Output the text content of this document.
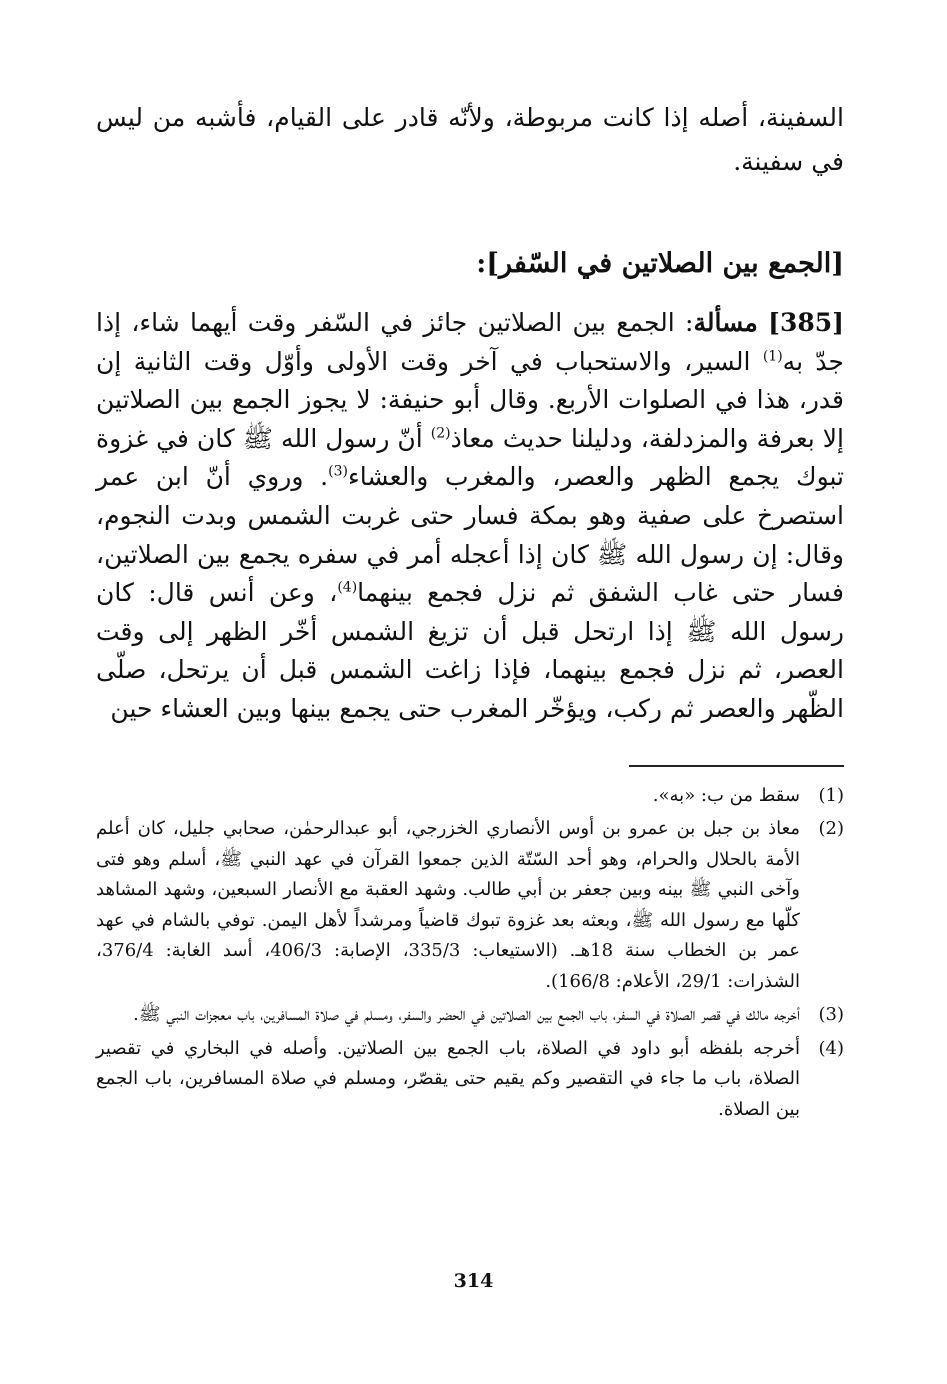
السفينة، أصله إذا كانت مربوطة، ولأنّه قادر على القيام، فأشبه من ليس في سفينة.

[الجمع بين الصلاتين في السّفر]:

[385] مسألة: الجمع بين الصلاتين جائز في السّفر وقت أيهما شاء، إذا جدّ به$^{(1)}$ السير، والاستحباب في آخر وقت الأولى وأوّل وقت الثانية إن قدر، هذا في الصلوات الأربع. وقال أبو حنيفة: لا يجوز الجمع بين الصلاتين إلا بعرفة والمزدلفة، ودليلنا حديث معاذ$^{(2)}$ أنّ رسول الله ﷺ كان في غزوة تبوك يجمع الظهر والعصر، والمغرب والعشاء$^{(3)}$. وروي أنّ ابن عمر استصرخ على صفية وهو بمكة فسار حتى غربت الشمس وبدت النجوم، وقال: إن رسول الله ﷺ كان إذا أعجله أمر في سفره يجمع بين الصلاتين، فسار حتى غاب الشفق ثم نزل فجمع بينهما$^{(4)}$، وعن أنس قال: كان رسول الله ﷺ إذا ارتحل قبل أن تزيغ الشمس أخّر الظهر إلى وقت العصر، ثم نزل فجمع بينهما، فإذا زاغت الشمس قبل أن يرتحل، صلّى الظّهر والعصر ثم ركب، ويؤخّر المغرب حتى يجمع بينها وبين العشاء حين

(1)
سقط من ب: «به».
(2)
معاذ بن جبل بن عمرو بن أوس الأنصاري الخزرجي، أبو عبدالرحمٰن، صحابي جليل، كان أعلم الأمة بالحلال والحرام، وهو أحد السّتّة الذين جمعوا القرآن في عهد النبي ﷺ، أسلم وهو فتى وآخى النبي ﷺ بينه وبين جعفر بن أبي طالب. وشهد العقبة مع الأنصار السبعين، وشهد المشاهد كلّها مع رسول الله ﷺ، وبعثه بعد غزوة تبوك قاضياً ومرشداً لأهل اليمن. توفي بالشام في عهد عمر بن الخطاب سنة 18هـ. (الاستيعاب: 335/3، الإصابة: 406/3، أسد الغابة: 376/4، الشذرات: 29/1، الأعلام: 166/8).
(3)
أخرجه مالك في قصر الصلاة في السفر، باب الجمع بين الصلاتين في الحضر والسفر، ومسلم في صلاة المسافرين، باب معجزات النبي ﷺ.
(4)
أخرجه بلفظه أبو داود في الصلاة، باب الجمع بين الصلاتين. وأصله في البخاري في تقصير الصلاة، باب ما جاء في التقصير وكم يقيم حتى يقصّر، ومسلم في صلاة المسافرين، باب الجمع بين الصلاة.
314
